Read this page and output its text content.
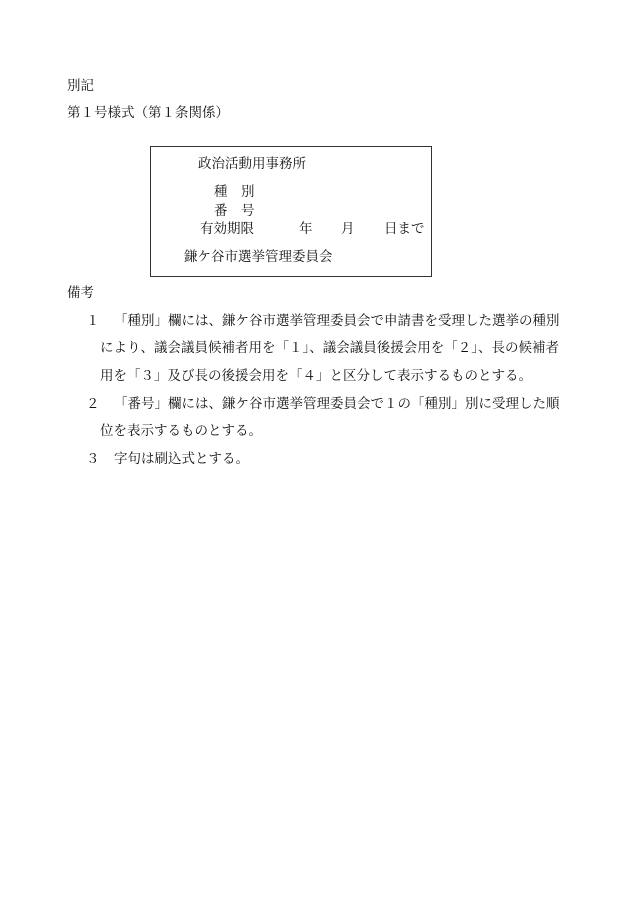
別記
第１号様式（第１条関係）
政治活動用事務所
種　別
番　号
有効期限	年 月 日まで
鎌ケ谷市選挙管理委員会
備考
１ 「種別」欄には、鎌ケ谷市選挙管理委員会で申請書を受理した選挙の種別
により、議会議員候補者用を「１」、議会議員後援会用を「２」、長の候補者
用を「３」及び長の後援会用を「４」と区分して表示するものとする。
２ 「番号」欄には、鎌ケ谷市選挙管理委員会で１の「種別」別に受理した順
位を表示するものとする。
３ 字句は刷込式とする。
